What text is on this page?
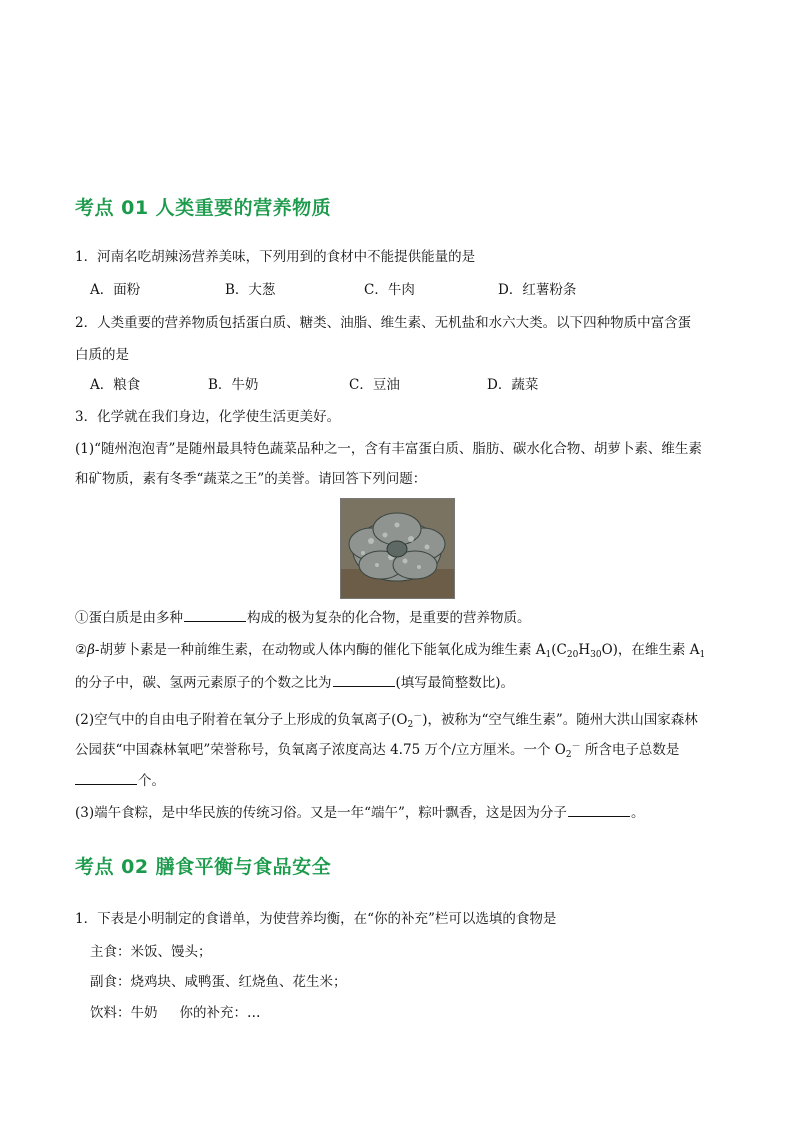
考点 01 人类重要的营养物质
1．河南名吃胡辣汤营养美味，下列用到的食材中不能提供能量的是
A．面粉	B．大葱	C．牛肉	D．红薯粉条
2．人类重要的营养物质包括蛋白质、糖类、油脂、维生素、无机盐和水六大类。以下四种物质中富含蛋
白质的是
A．粮食	B．牛奶	C．豆油	D．蔬菜
3．化学就在我们身边，化学使生活更美好。
(1)“随州泡泡青”是随州最具特色蔬菜品种之一，含有丰富蛋白质、脂肪、碳水化合物、胡萝卜素、维生素
和矿物质，素有冬季“蔬菜之王”的美誉。请回答下列问题：
①蛋白质是由多种	构成的极为复杂的化合物，是重要的营养物质。
②β-胡萝卜素是一种前维生素，在动物或人体内酶的催化下能氧化成为维生素 $A_1(C_{20}H_{30}O)$，在维生素 $A_1$
的分子中，碳、氢两元素原子的个数之比为	(填写最简整数比)。
(2)空气中的自由电子附着在氧分子上形成的负氧离子$(O_2^-)$，被称为“空气维生素”。随州大洪山国家森林
公园获“中国森林氧吧”荣誉称号，负氧离子浓度高达 4.75 万个/立方厘米。一个 $O_2^-$ 所含电子总数是
个。
(3)端午食粽，是中华民族的传统习俗。又是一年“端午”，粽叶飘香，这是因为分子	。
考点 02 膳食平衡与食品安全
1．下表是小明制定的食谱单，为使营养均衡，在“你的补充”栏可以选填的食物是
主食：米饭、馒头；
副食：烧鸡块、咸鸭蛋、红烧鱼、花生米；
饮料：牛奶 你的补充：…
